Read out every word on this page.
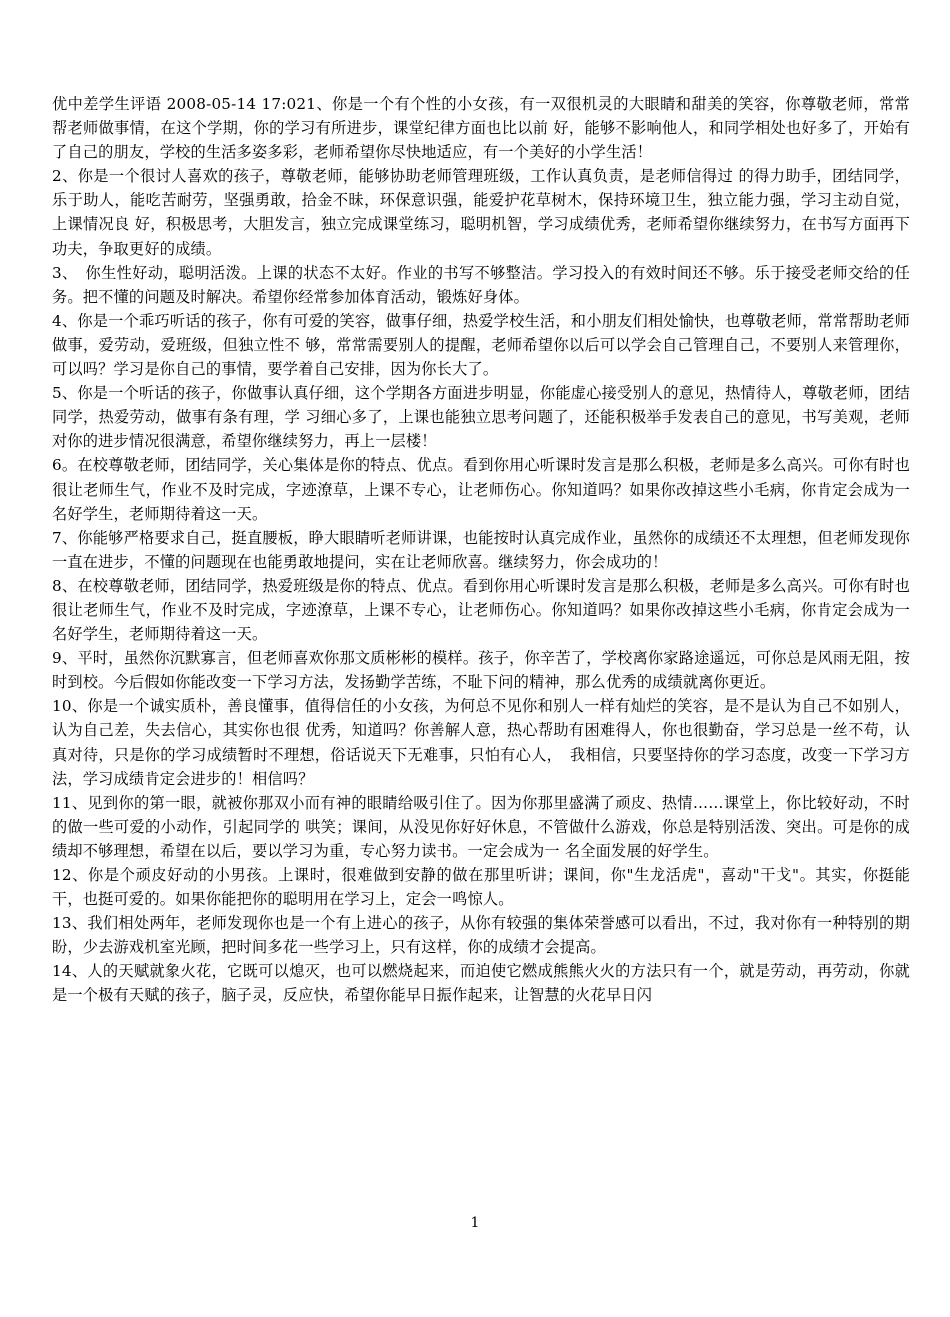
优中差学生评语 2008-05-14 17:021、你是一个有个性的小女孩，有一双很机灵的大眼睛和甜美的笑容，你尊敬老师，常常帮老师做事情，在这个学期，你的学习有所进步，课堂纪律方面也比以前 好，能够不影响他人，和同学相处也好多了，开始有了自己的朋友，学校的生活多姿多彩，老师希望你尽快地适应，有一个美好的小学生活！

2、你是一个很讨人喜欢的孩子，尊敬老师，能够协助老师管理班级，工作认真负责，是老师信得过 的得力助手，团结同学，乐于助人，能吃苦耐劳，坚强勇敢，拾金不昧，环保意识强，能爱护花草树木，保持环境卫生，独立能力强，学习主动自觉，上课情况良 好，积极思考，大胆发言，独立完成课堂练习，聪明机智，学习成绩优秀，老师希望你继续努力，在书写方面再下功夫，争取更好的成绩。

3、　你生性好动，聪明活泼。上课的状态不太好。作业的书写不够整洁。学习投入的有效时间还不够。乐于接受老师交给的任务。把不懂的问题及时解决。希望你经常参加体育活动，锻炼好身体。

4、你是一个乖巧听话的孩子，你有可爱的笑容，做事仔细，热爱学校生活，和小朋友们相处愉快，也尊敬老师，常常帮助老师做事，爱劳动，爱班级，但独立性不 够，常常需要别人的提醒，老师希望你以后可以学会自己管理自己，不要别人来管理你，可以吗？学习是你自己的事情，要学着自己安排，因为你长大了。

5、你是一个听话的孩子，你做事认真仔细，这个学期各方面进步明显，你能虚心接受别人的意见，热情待人，尊敬老师，团结同学，热爱劳动，做事有条有理，学 习细心多了，上课也能独立思考问题了，还能积极举手发表自己的意见，书写美观，老师对你的进步情况很满意，希望你继续努力，再上一层楼！

6。在校尊敬老师，团结同学，关心集体是你的特点、优点。看到你用心听课时发言是那么积极，老师是多么高兴。可你有时也很让老师生气，作业不及时完成，字迹潦草，上课不专心，让老师伤心。你知道吗？如果你改掉这些小毛病，你肯定会成为一名好学生，老师期待着这一天。

7、你能够严格要求自己，挺直腰板，睁大眼睛听老师讲课，也能按时认真完成作业，虽然你的成绩还不太理想，但老师发现你一直在进步，不懂的问题现在也能勇敢地提问，实在让老师欣喜。继续努力，你会成功的！

8、在校尊敬老师，团结同学，热爱班级是你的特点、优点。看到你用心听课时发言是那么积极，老师是多么高兴。可你有时也很让老师生气，作业不及时完成，字迹潦草，上课不专心，让老师伤心。你知道吗？如果你改掉这些小毛病，你肯定会成为一名好学生，老师期待着这一天。

9、平时，虽然你沉默寡言，但老师喜欢你那文质彬彬的模样。孩子，你辛苦了，学校离你家路途遥远，可你总是风雨无阻，按时到校。今后假如你能改变一下学习方法，发扬勤学苦练，不耻下问的精神，那么优秀的成绩就离你更近。

10、你是一个诚实质朴，善良懂事，值得信任的小女孩，为何总不见你和别人一样有灿烂的笑容，是不是认为自己不如别人，认为自己差，失去信心，其实你也很 优秀，知道吗？你善解人意，热心帮助有困难得人，你也很勤奋，学习总是一丝不苟，认真对待，只是你的学习成绩暂时不理想，俗话说天下无难事，只怕有心人，　我相信，只要坚持你的学习态度，改变一下学习方法，学习成绩肯定会进步的！相信吗？

11、见到你的第一眼，就被你那双小而有神的眼睛给吸引住了。因为你那里盛满了顽皮、热情……课堂上，你比较好动，不时的做一些可爱的小动作，引起同学的 哄笑；课间，从没见你好好休息，不管做什么游戏，你总是特别活泼、突出。可是你的成绩却不够理想，希望在以后，要以学习为重，专心努力读书。一定会成为一 名全面发展的好学生。

12、你是个顽皮好动的小男孩。上课时，很难做到安静的做在那里听讲；课间，你"生龙活虎"，喜动"干戈"。其实，你挺能干，也挺可爱的。如果你能把你的聪明用在学习上，定会一鸣惊人。

13、我们相处两年，老师发现你也是一个有上进心的孩子，从你有较强的集体荣誉感可以看出，不过，我对你有一种特别的期盼，少去游戏机室光顾，把时间多花一些学习上，只有这样，你的成绩才会提高。

14、人的天赋就象火花，它既可以熄灭，也可以燃烧起来，而迫使它燃成熊熊火火的方法只有一个，就是劳动，再劳动，你就是一个极有天赋的孩子，脑子灵，反应快，希望你能早日振作起来，让智慧的火花早日闪

1
